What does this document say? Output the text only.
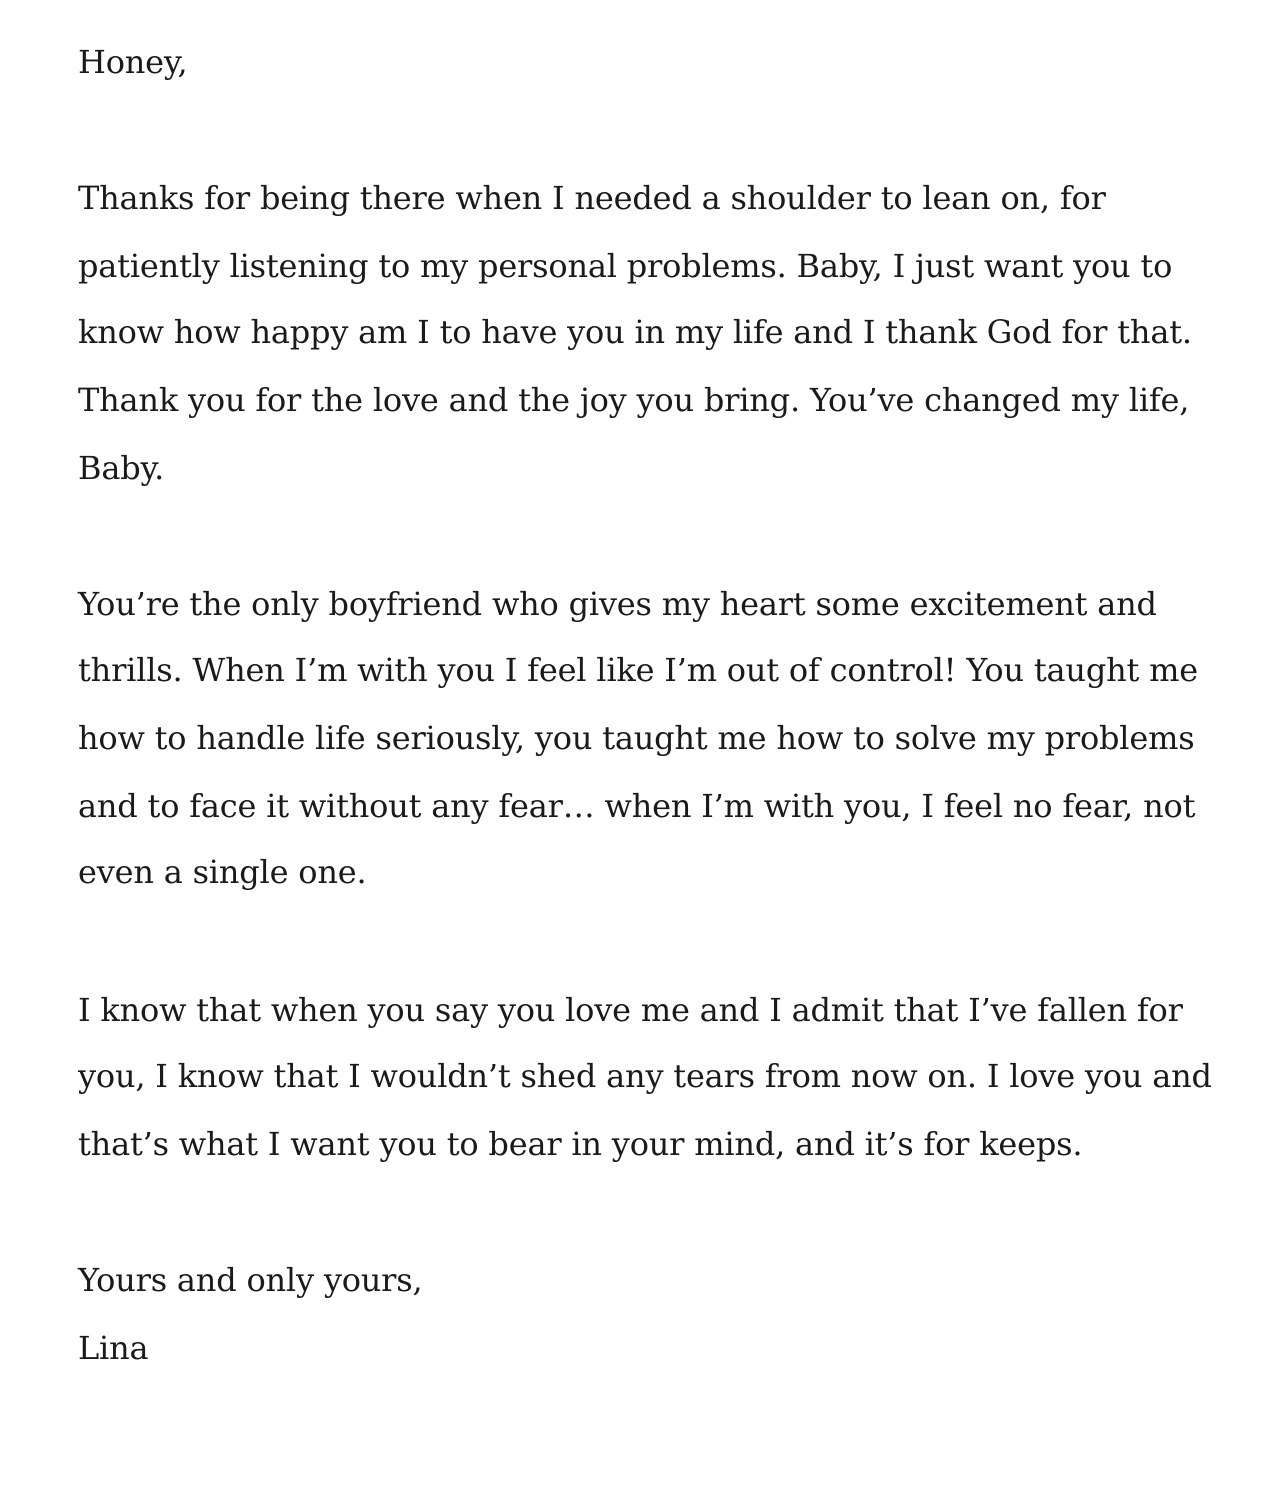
Honey,
Thanks for being there when I needed a shoulder to lean on, for
patiently listening to my personal problems. Baby, I just want you to
know how happy am I to have you in my life and I thank God for that.
Thank you for the love and the joy you bring. You’ve changed my life,
Baby.
You’re the only boyfriend who gives my heart some excitement and
thrills. When I’m with you I feel like I’m out of control! You taught me
how to handle life seriously, you taught me how to solve my problems
and to face it without any fear… when I’m with you, I feel no fear, not
even a single one.
I know that when you say you love me and I admit that I’ve fallen for
you, I know that I wouldn’t shed any tears from now on. I love you and
that’s what I want you to bear in your mind, and it’s for keeps.
Yours and only yours,
Lina
